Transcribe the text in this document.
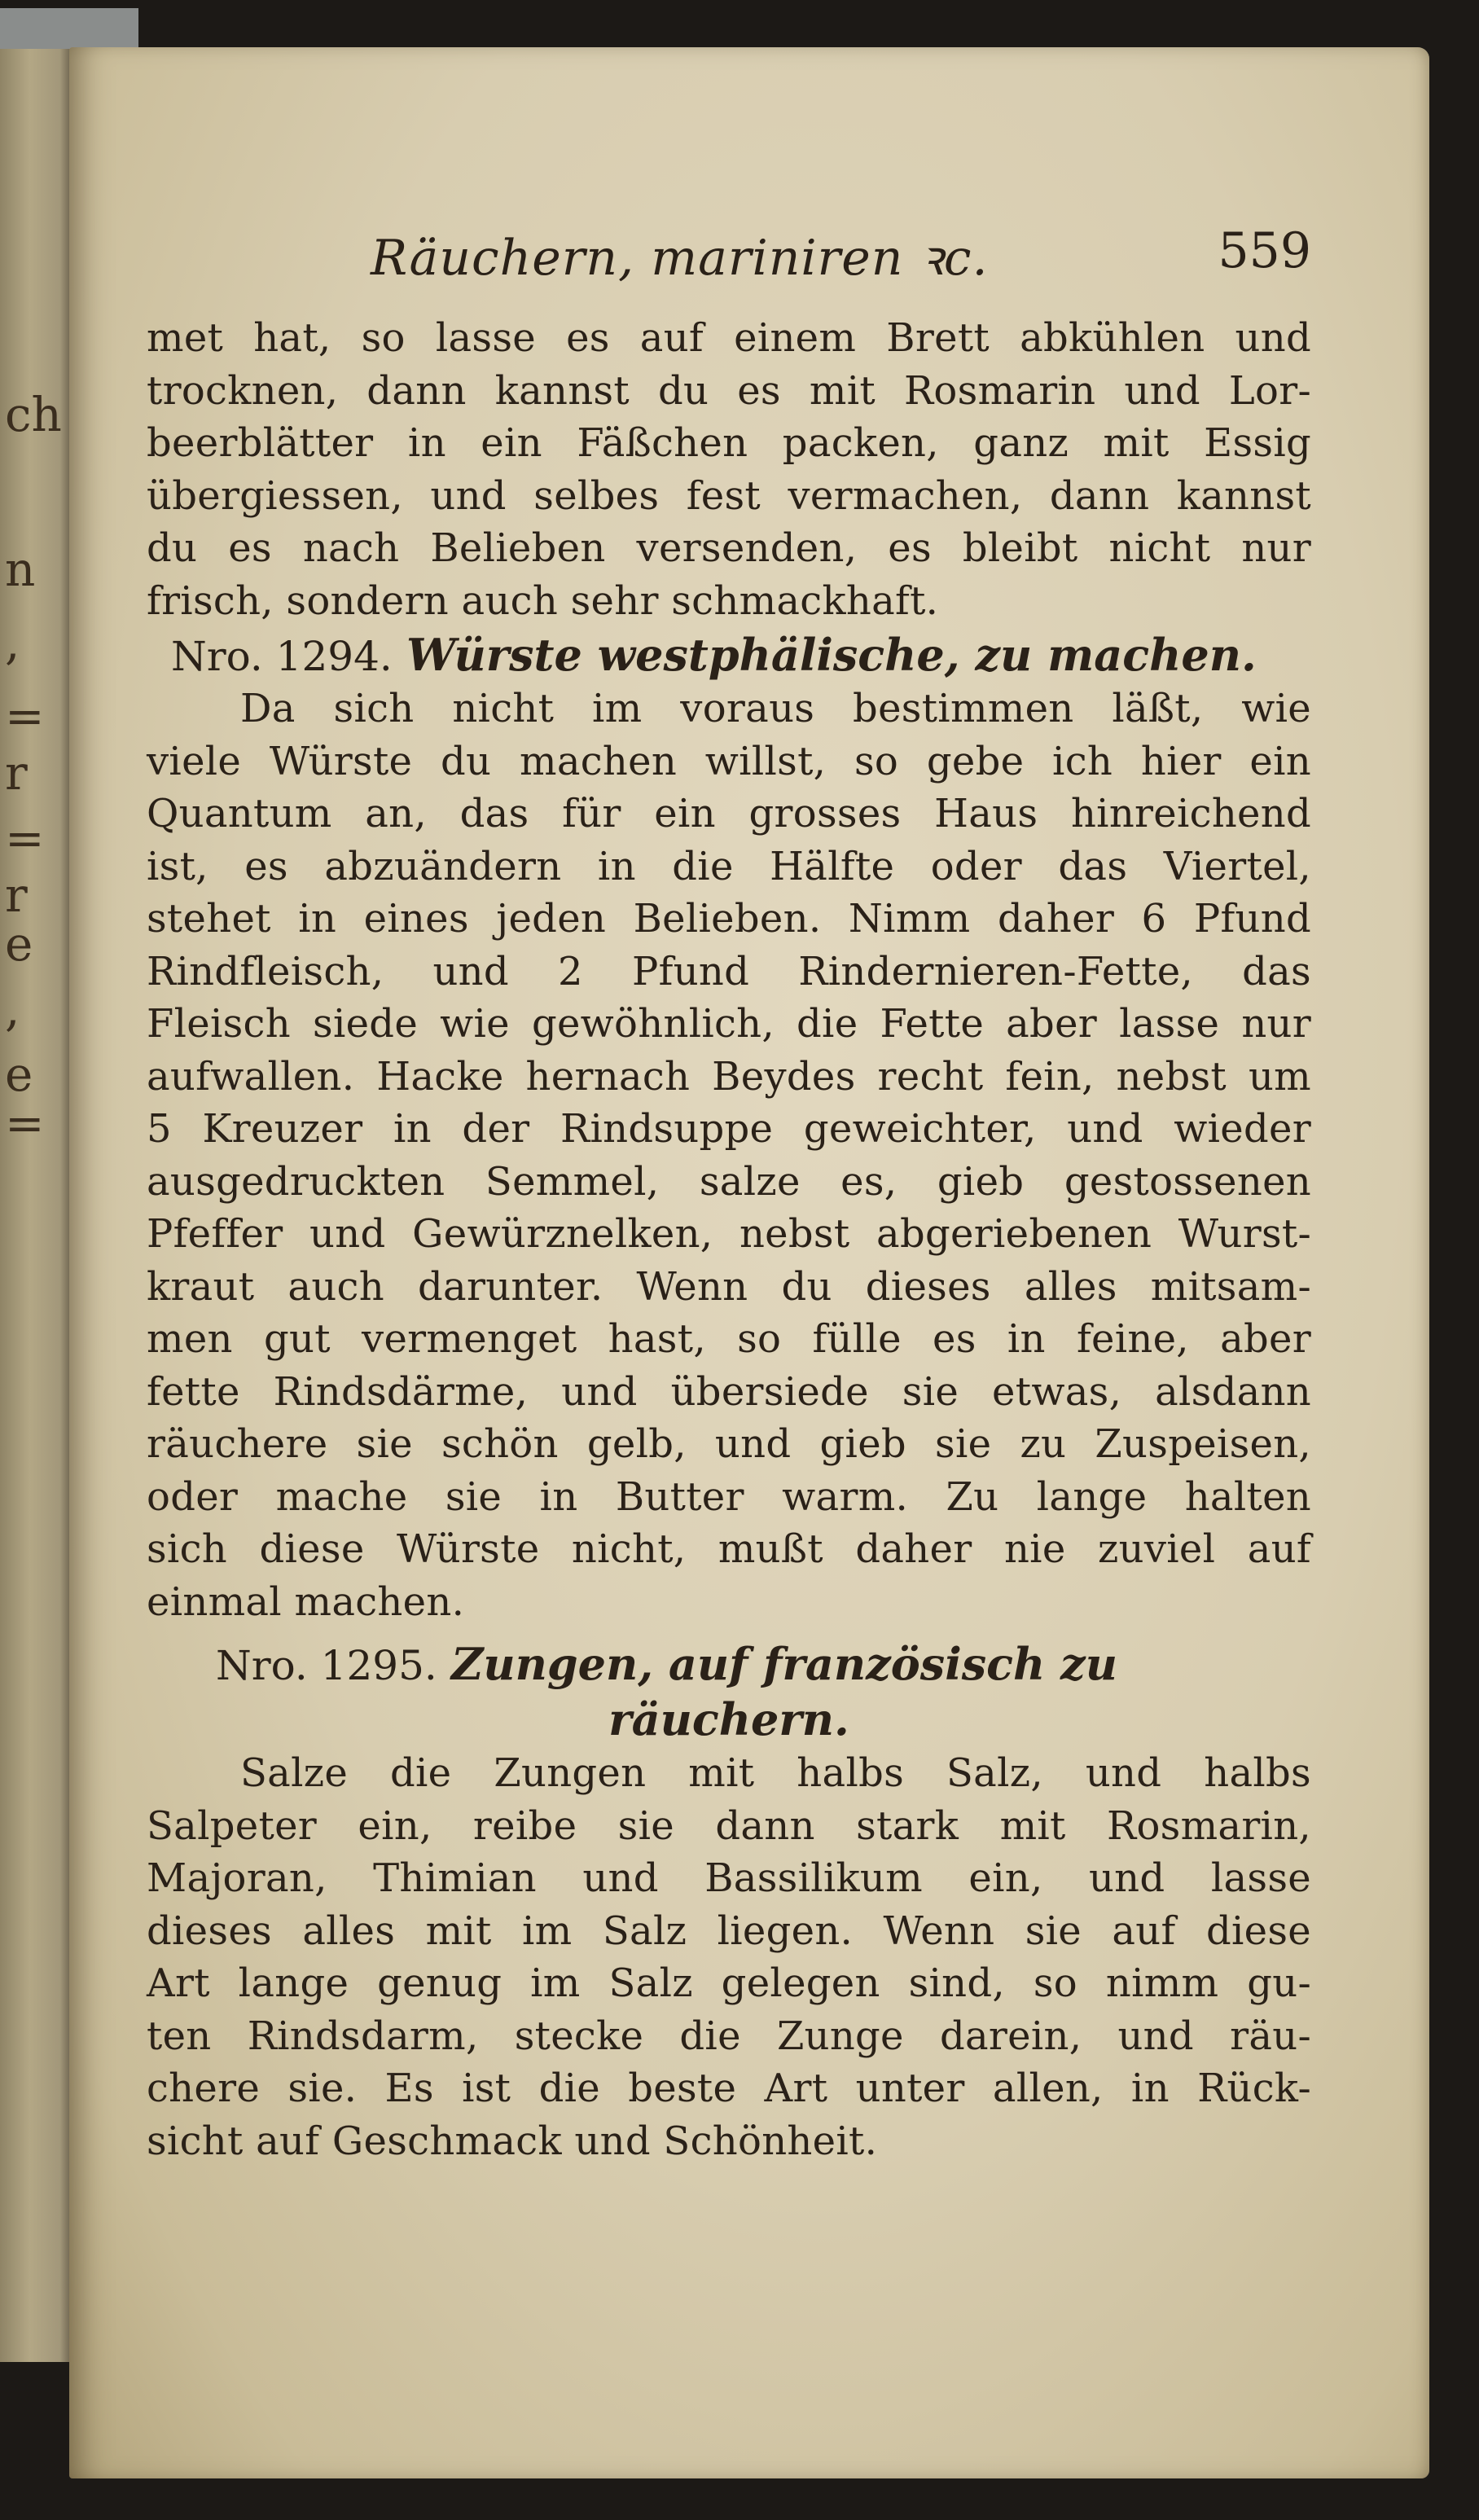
ch
n
,
=
r
=
r
e
,
e
=
Räuchern, mariniren ꝛc.	559
met hat, so lasse es auf einem Brett abkühlen und
trocknen, dann kannst du es mit Rosmarin und Lor-
beerblätter in ein Fäßchen packen, ganz mit Essig
übergiessen, und selbes fest vermachen, dann kannst
du es nach Belieben versenden, es bleibt nicht nur
frisch, sondern auch sehr schmackhaft.
Nro. 1294. Würste westphälische, zu machen.
Da sich nicht im voraus bestimmen läßt, wie
viele Würste du machen willst, so gebe ich hier ein
Quantum an, das für ein grosses Haus hinreichend
ist, es abzuändern in die Hälfte oder das Viertel,
stehet in eines jeden Belieben. Nimm daher 6 Pfund
Rindfleisch, und 2 Pfund Rindernieren-Fette, das
Fleisch siede wie gewöhnlich, die Fette aber lasse nur
aufwallen. Hacke hernach Beydes recht fein, nebst um
5 Kreuzer in der Rindsuppe geweichter, und wieder
ausgedruckten Semmel, salze es, gieb gestossenen
Pfeffer und Gewürznelken, nebst abgeriebenen Wurst-
kraut auch darunter. Wenn du dieses alles mitsam-
men gut vermenget hast, so fülle es in feine, aber
fette Rindsdärme, und übersiede sie etwas, alsdann
räuchere sie schön gelb, und gieb sie zu Zuspeisen,
oder mache sie in Butter warm. Zu lange halten
sich diese Würste nicht, mußt daher nie zuviel auf
einmal machen.
Nro. 1295. Zungen, auf französisch zu
räuchern.
Salze die Zungen mit halbs Salz, und halbs
Salpeter ein, reibe sie dann stark mit Rosmarin,
Majoran, Thimian und Bassilikum ein, und lasse
dieses alles mit im Salz liegen. Wenn sie auf diese
Art lange genug im Salz gelegen sind, so nimm gu-
ten Rindsdarm, stecke die Zunge darein, und räu-
chere sie. Es ist die beste Art unter allen, in Rück-
sicht auf Geschmack und Schönheit.
